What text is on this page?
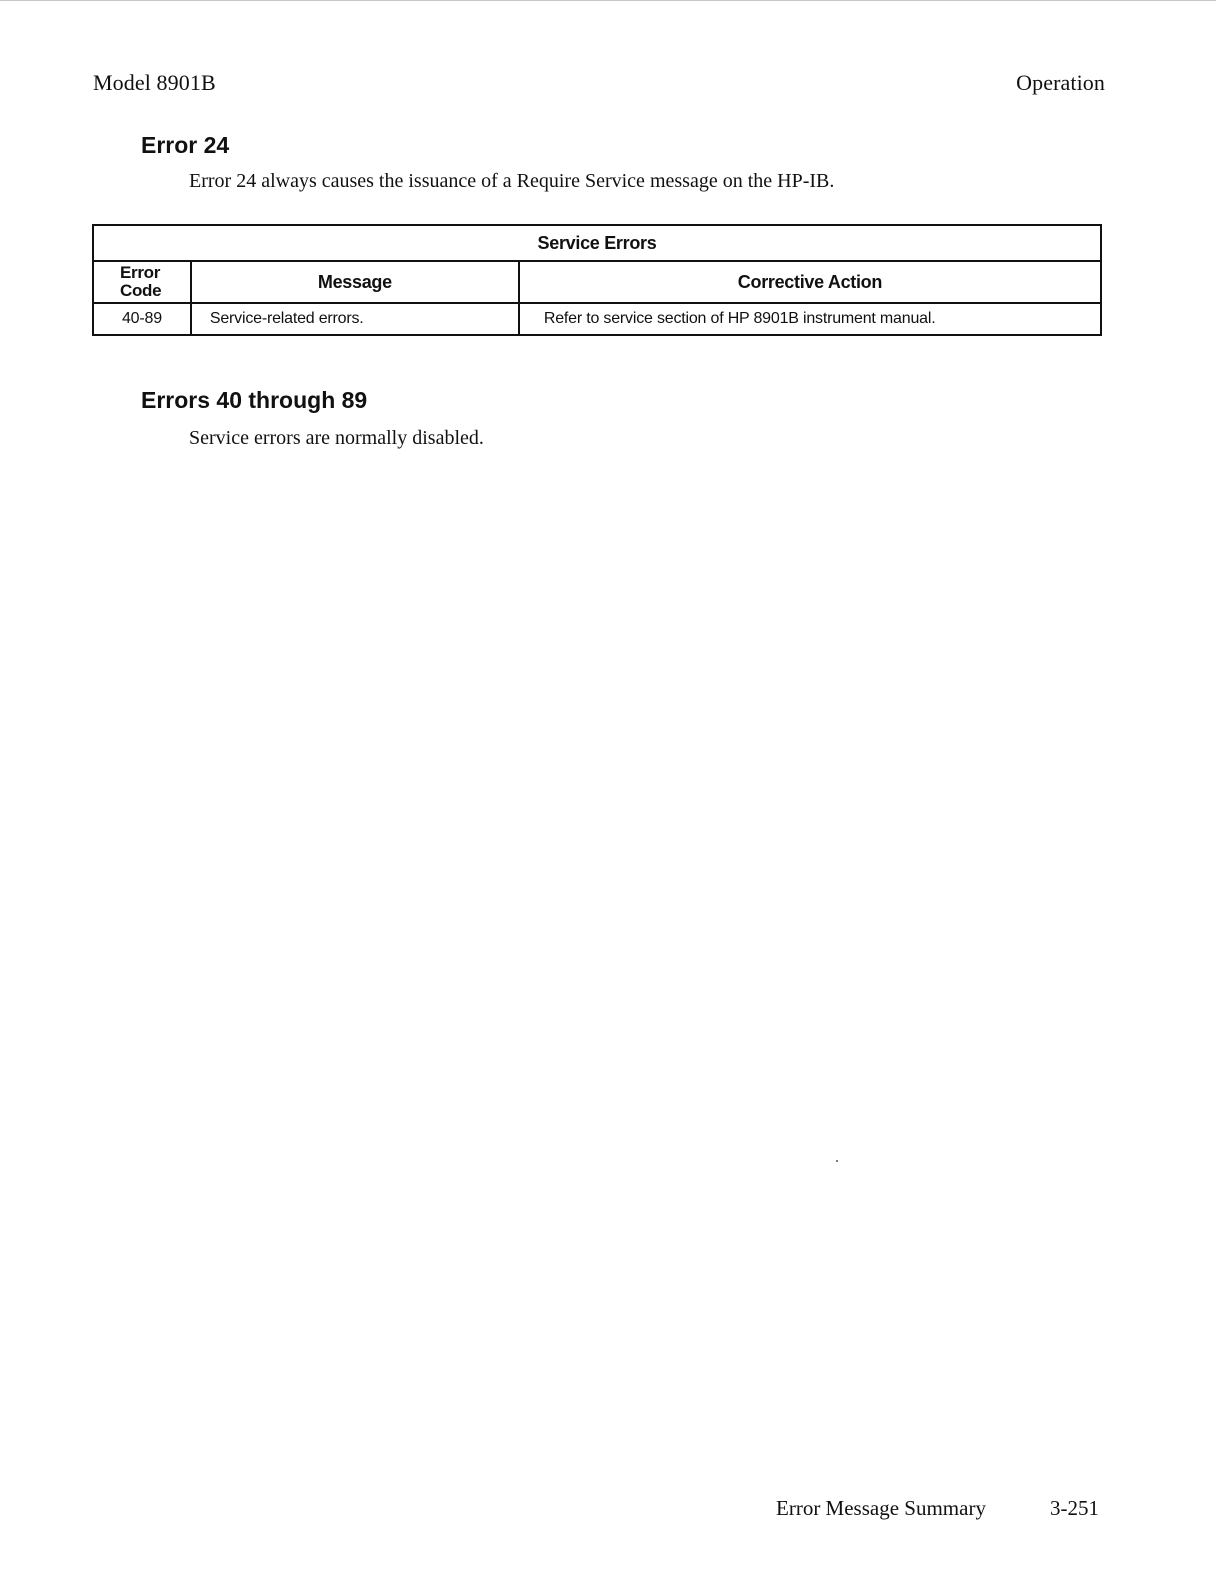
Model 8901B	Operation
Error 24

Error 24 always causes the issuance of a Require Service message on the HP-IB.

Service Errors		
Error Code	Message	Corrective Action
40-89	Service-related errors.	Refer to service section of HP 8901B instrument manual.
Errors 40 through 89

Service errors are normally disabled.

Error Message Summary	3-251
